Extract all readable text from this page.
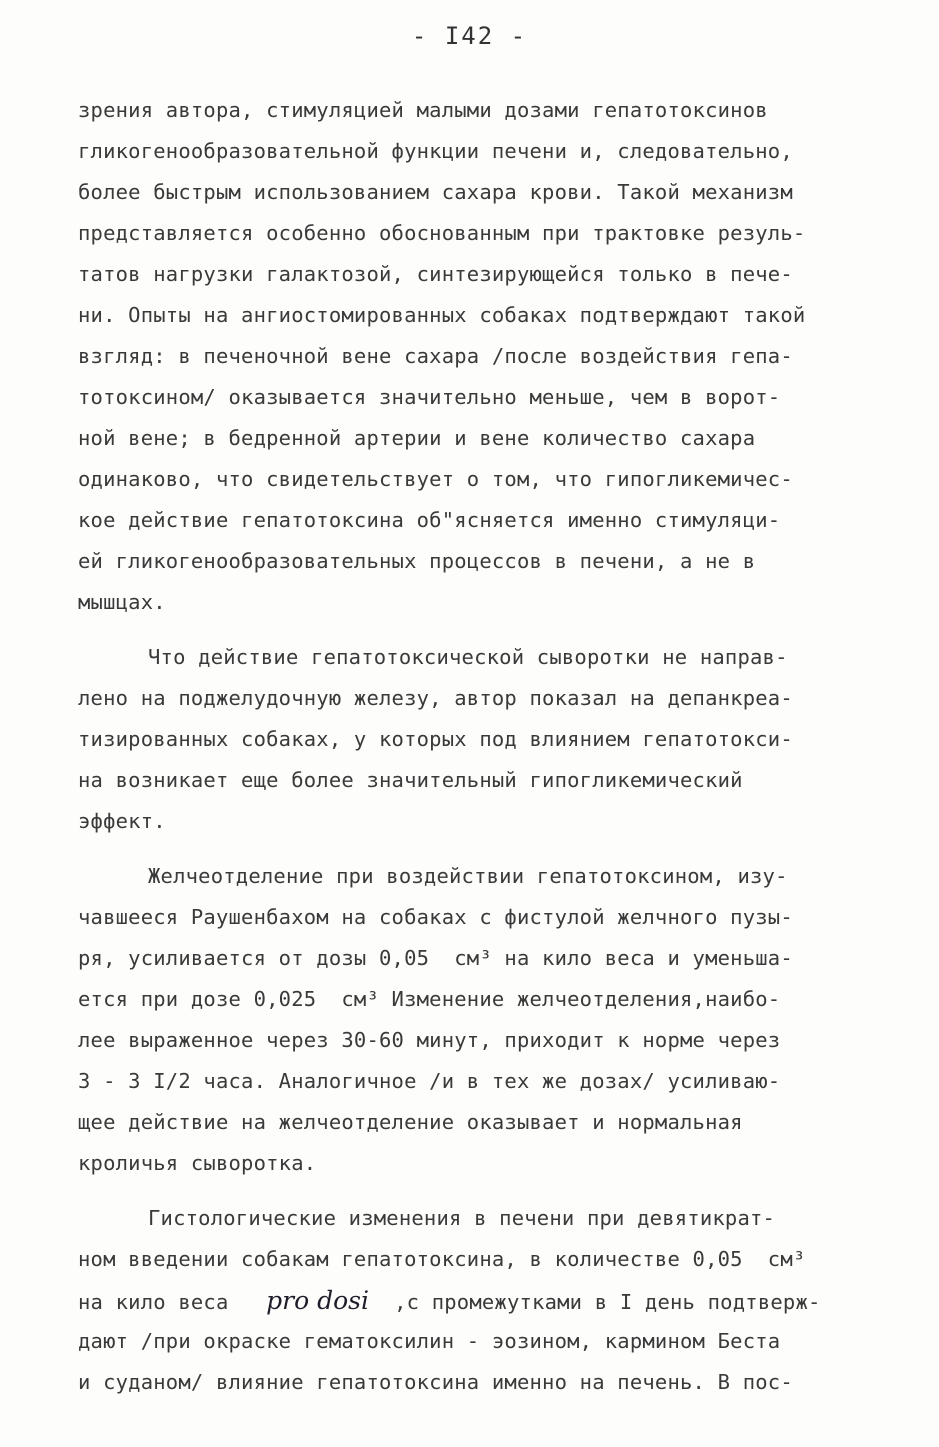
- I42 -
зрения автора, стимуляцией малыми дозами гепатотоксинов
гликогенообразовательной функции печени и, следовательно,
более быстрым использованием сахара крови. Такой механизм
представляется особенно обоснованным при трактовке резуль-
татов нагрузки галактозой, синтезирующейся только в пече-
ни. Опыты на ангиостомированных собаках подтверждают такой
взгляд: в печеночной вене сахара /после воздействия гепа-
тотоксином/ оказывается значительно меньше, чем в ворот-
ной вене; в бедренной артерии и вене количество сахара
одинаково, что свидетельствует о том, что гипогликемичес-
кое действие гепатотоксина об"ясняется именно стимуляци-
ей гликогенообразовательных процессов в печени, а не в
мышцах.
Что действие гепатотоксической сыворотки не направ-
лено на поджелудочную железу, автор показал на депанкреа-
тизированных собаках, у которых под влиянием гепатотокси-
на возникает еще более значительный гипогликемический
эффект.
Желчеотделение при воздействии гепатотоксином, изу-
чавшееся Раушенбахом на собаках с фистулой желчного пузы-
ря, усиливается от дозы 0,05  см³ на кило веса и уменьша-
ется при дозе 0,025  см³ Изменение желчеотделения,наибо-
лее выраженное через 30-60 минут, приходит к норме через
3 - 3 I/2 часа. Аналогичное /и в тех же дозах/ усиливаю-
щее действие на желчеотделение оказывает и нормальная
кроличья сыворотка.
Гистологические изменения в печени при девятикрат-
ном введении собакам гепатотоксина, в количестве 0,05  см³
на кило веса pro dosi ,с промежутками в I день подтверж-
дают /при окраске гематоксилин - эозином, кармином Беста
и суданом/ влияние гепатотоксина именно на печень. В пос-
